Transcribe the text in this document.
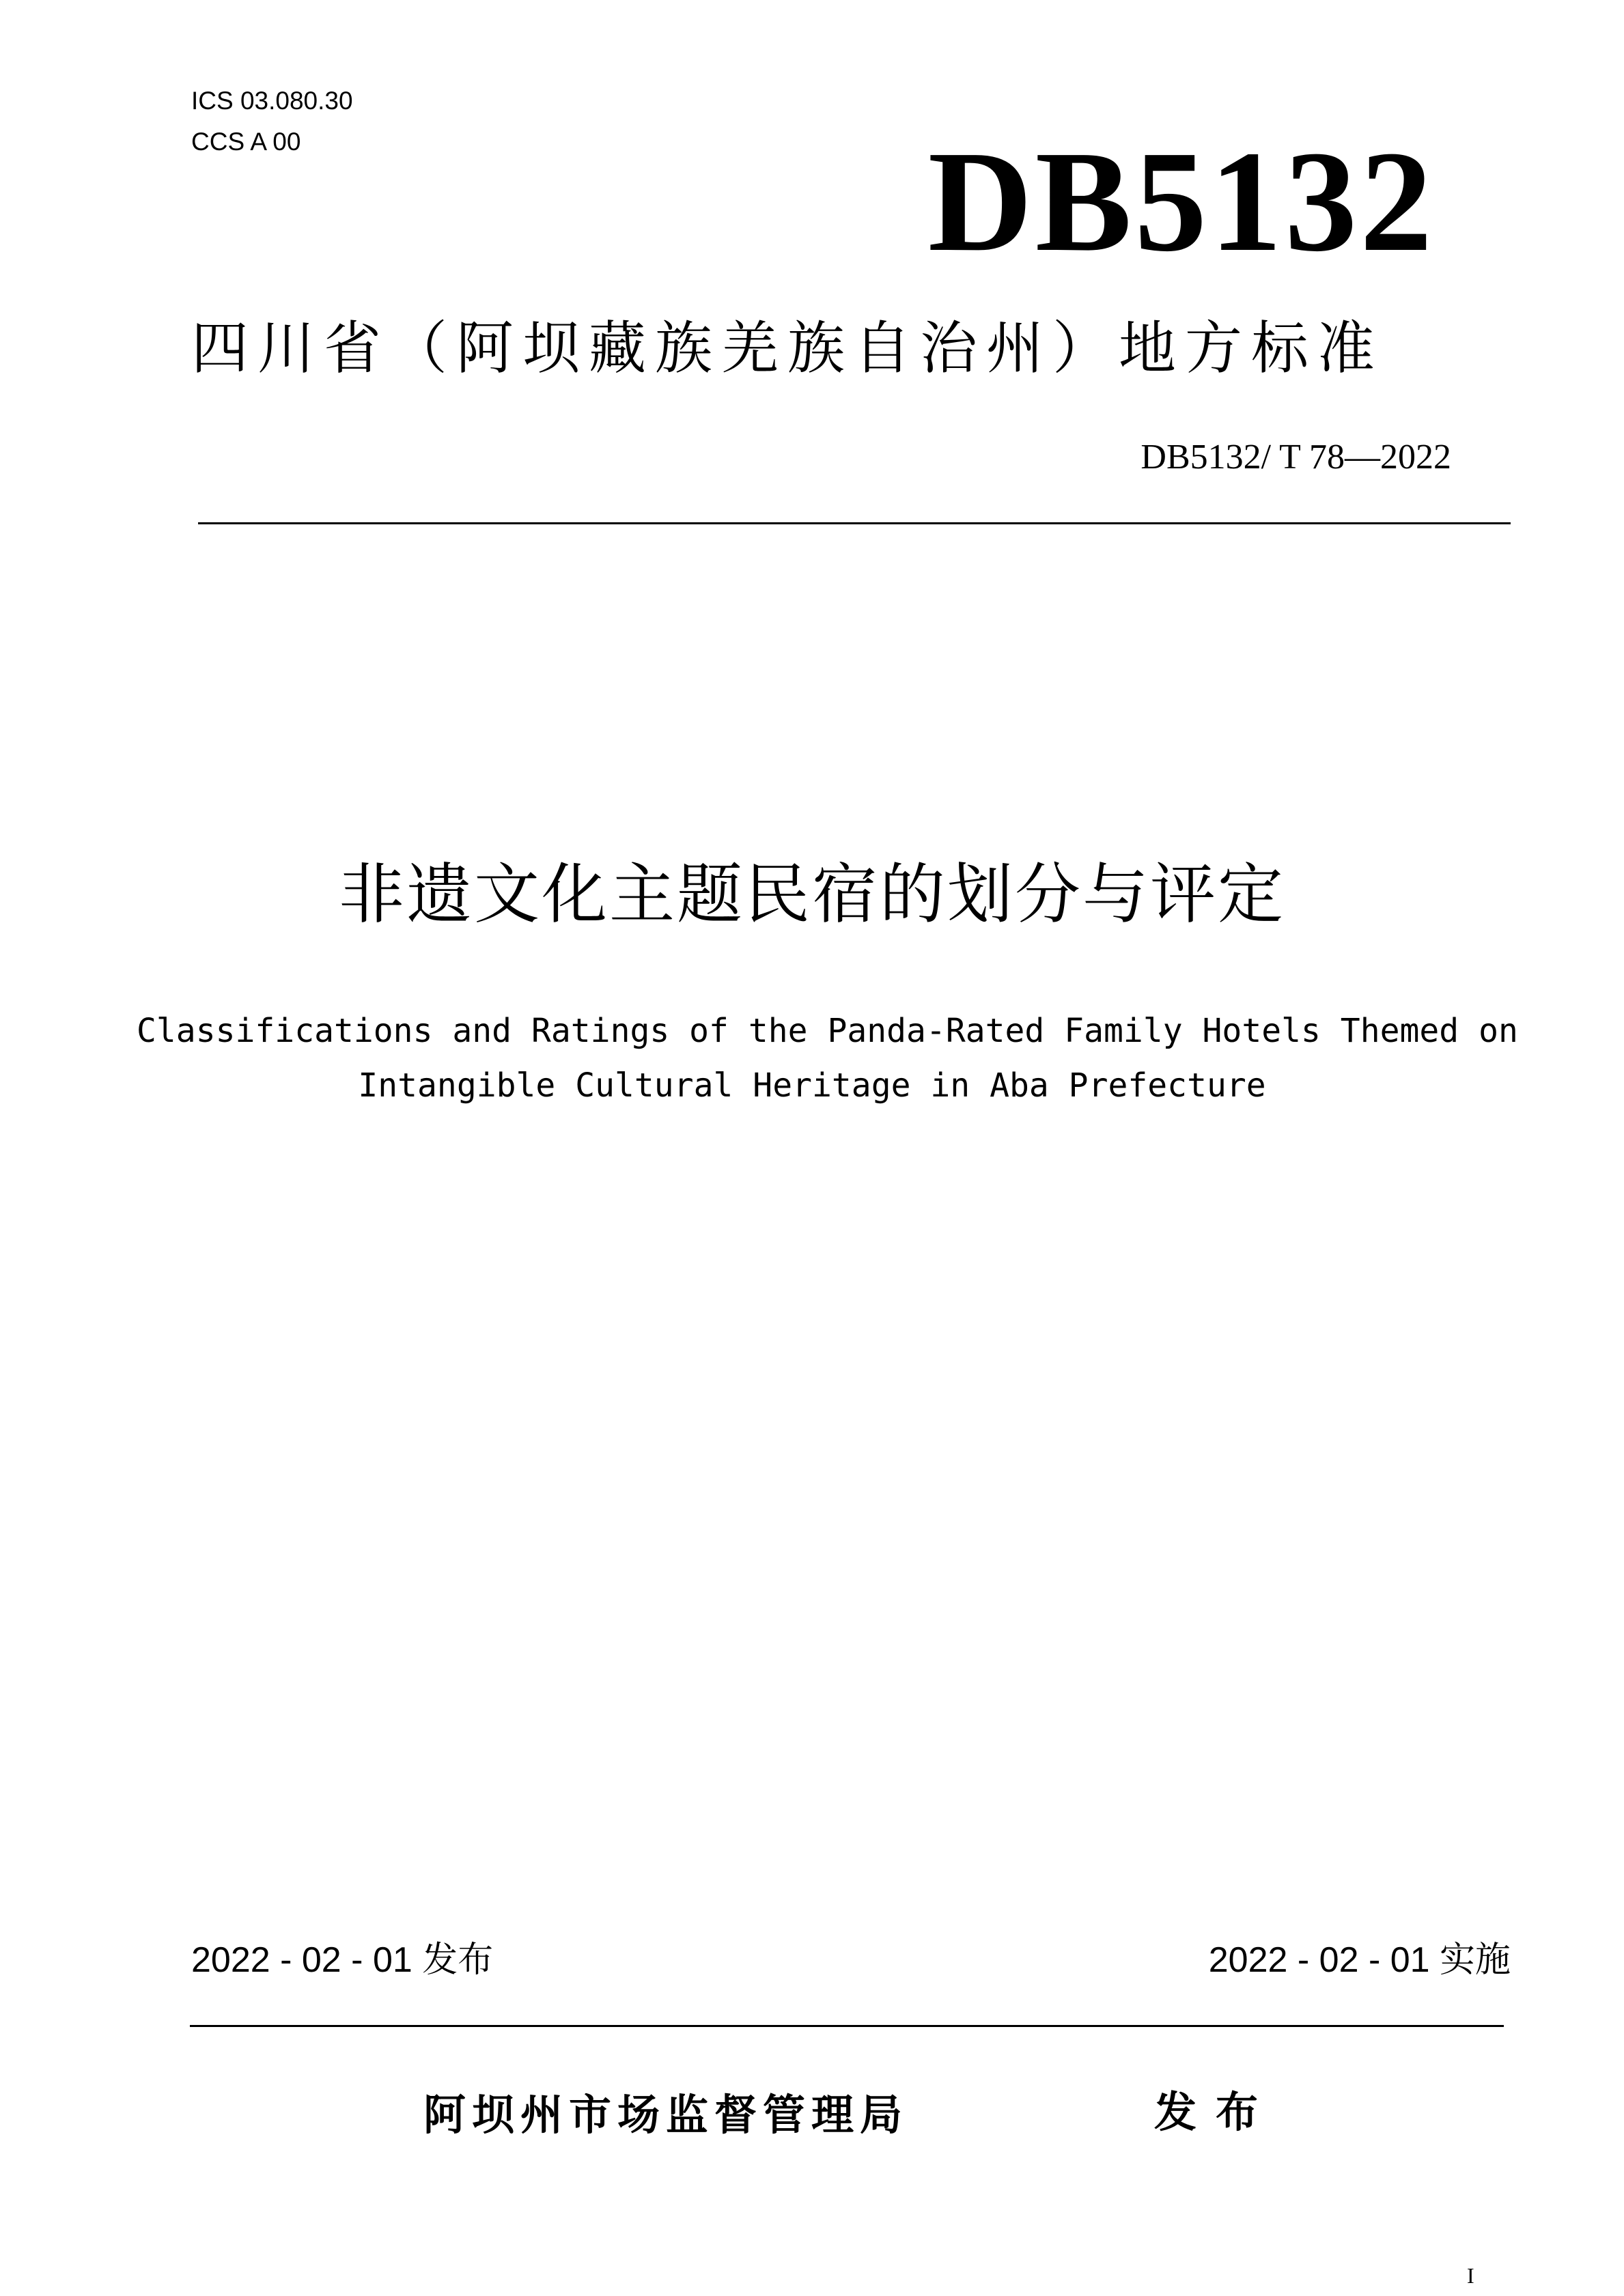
ICS 03.080.30
CCS A 00	DB5132
四川省（阿坝藏族羌族自治州）地方标准
DB5132/ T 78—2022
非遗文化主题民宿的划分与评定
Classifications and Ratings of the Panda-Rated Family Hotels Themed on
Intangible Cultural Heritage in Aba Prefecture
2022 - 02 - 01 发布	2022 - 02 - 01 实施
阿坝州市场监督管理局	发布
I
